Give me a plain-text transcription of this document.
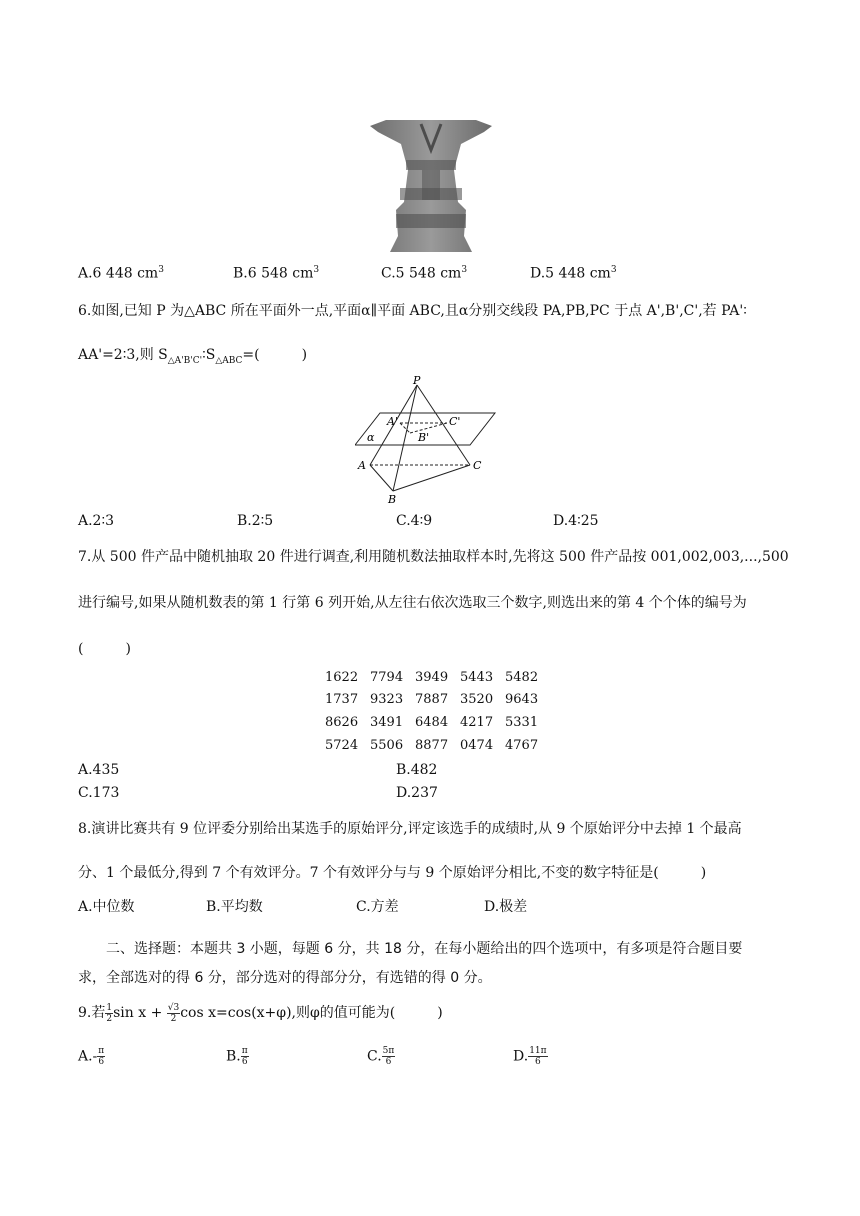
A.6 448 $cm^3$	B.6 548 $cm^3$	C.5 548 $cm^3$	D.5 448 $cm^3$
6.如图,已知 P 为△ABC 所在平面外一点,平面α∥平面 ABC,且α分别交线段 PA,PB,PC 于点 A',B',C',若 PA'∶
AA'=2∶3,则 $S_{\triangle A'B'C'}∶S_{\triangle ABC}=$(　　　)
P
A'	C'
B'
α
A	C
B
A.2∶3	B.2∶5	C.4∶9	D.4∶25
7.从 500 件产品中随机抽取 20 件进行调查,利用随机数法抽取样本时,先将这 500 件产品按 001,002,003,...,500
进行编号,如果从随机数表的第 1 行第 6 列开始,从左往右依次选取三个数字,则选出来的第 4 个个体的编号为
(　　　)
1622 7794 3949 5443 5482
1737 9323 7887 3520 9643
8626 3491 6484 4217 5331
5724 5506 8877 0474 4767
A.435	B.482
C.173	D.237
8.演讲比赛共有 9 位评委分别给出某选手的原始评分,评定该选手的成绩时,从 9 个原始评分中去掉 1 个最高
分、1 个最低分,得到 7 个有效评分。7 个有效评分与与 9 个原始评分相比,不变的数字特征是(　　　)
A.中位数	B.平均数	C.方差	D.极差
二、选择题：本题共 3 小题，每题 6 分，共 18 分，在每小题给出的四个选项中，有多项是符合题目要
求，全部选对的得 6 分，部分选对的得部分分，有选错的得 0 分。
9.若 $\frac{1}{2}$ $\sin x + \frac{√3}{2}$ cos x=cos(x+φ),则φ的值可能为(　　　)
$A.- \frac{\pi}{6}$	B. $\frac{\pi}{6}$	C. $\frac{5\pi}{6}$	D. $\frac{11\pi}{6}$
